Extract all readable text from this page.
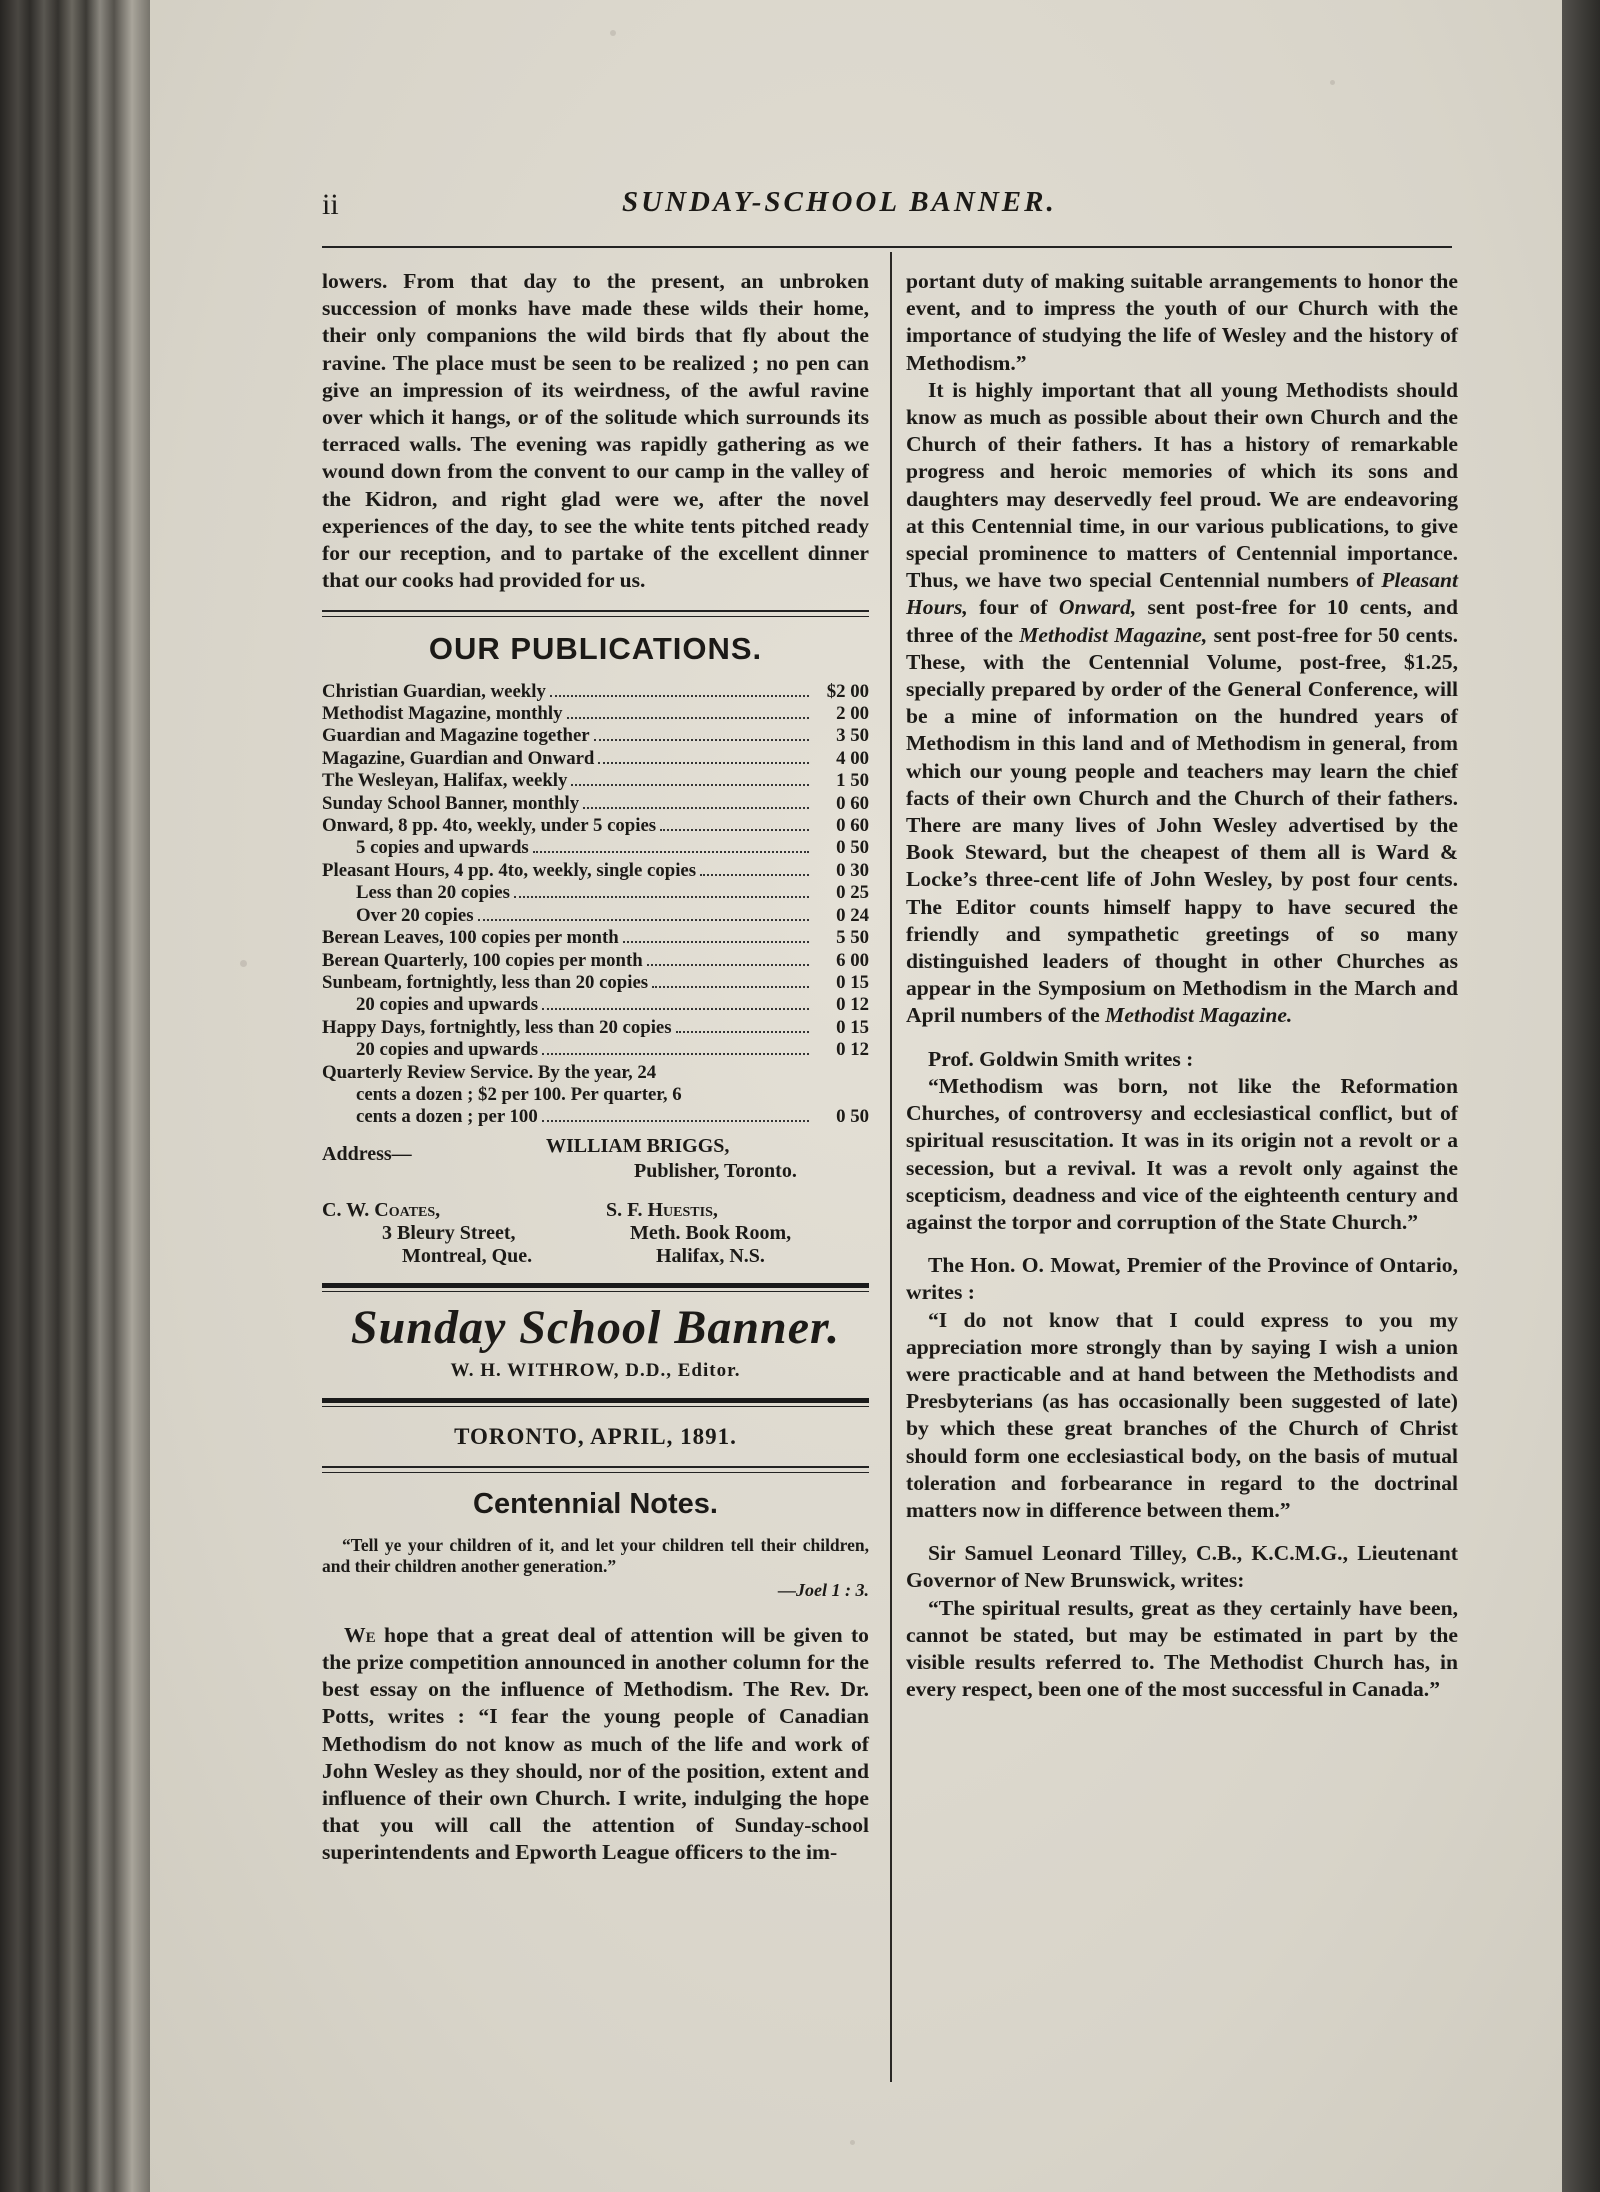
ii	SUNDAY-SCHOOL BANNER.

lowers. From that day to the present, an unbroken succession of monks have made these wilds their home, their only companions the wild birds that fly about the ravine. The place must be seen to be realized ; no pen can give an impression of its weirdness, of the awful ravine over which it hangs, or of the solitude which surrounds its terraced walls. The evening was rapidly gathering as we wound down from the convent to our camp in the valley of the Kidron, and right glad were we, after the novel experiences of the day, to see the white tents pitched ready for our reception, and to partake of the excellent dinner that our cooks had provided for us.

OUR PUBLICATIONS.
Christian Guardian, weekly	$2 00
Methodist Magazine, monthly	2 00
Guardian and Magazine together	3 50
Magazine, Guardian and Onward	4 00
The Wesleyan, Halifax, weekly	1 50
Sunday School Banner, monthly	0 60
Onward, 8 pp. 4to, weekly, under 5 copies	0 60
5 copies and upwards	0 50
Pleasant Hours, 4 pp. 4to, weekly, single copies	0 30
Less than 20 copies	0 25
Over 20 copies	0 24
Berean Leaves, 100 copies per month	5 50
Berean Quarterly, 100 copies per month	6 00
Sunbeam, fortnightly, less than 20 copies	0 15
20 copies and upwards	0 12
Happy Days, fortnightly, less than 20 copies	0 15
20 copies and upwards	0 12
Quarterly Review Service. By the year, 24
cents a dozen ; $2 per 100. Per quarter, 6
cents a dozen ; per 100	0 50
Address—	WILLIAM BRIGGS,
Publisher, Toronto.
C. W. Coates,
3 Bleury Street,
Montreal, Que.
S. F. Huestis,
Meth. Book Room,
Halifax, N.S.
Sunday School Banner.
W. H. WITHROW, D.D., Editor.
TORONTO, APRIL, 1891.
Centennial Notes.

“Tell ye your children of it, and let your children tell their children, and their children another generation.”

—Joel 1 : 3.

We hope that a great deal of attention will be given to the prize competition announced in another column for the best essay on the influence of Methodism. The Rev. Dr. Potts, writes : “I fear the young people of Canadian Methodism do not know as much of the life and work of John Wesley as they should, nor of the position, extent and influence of their own Church. I write, indulging the hope that you will call the attention of Sunday-school superintendents and Epworth League officers to the im-

portant duty of making suitable arrangements to honor the event, and to impress the youth of our Church with the importance of studying the life of Wesley and the history of Methodism.”

It is highly important that all young Methodists should know as much as possible about their own Church and the Church of their fathers. It has a history of remarkable progress and heroic memories of which its sons and daughters may deservedly feel proud. We are endeavoring at this Centennial time, in our various publications, to give special prominence to matters of Centennial importance. Thus, we have two special Centennial numbers of Pleasant Hours, four of Onward, sent post-free for 10 cents, and three of the Methodist Magazine, sent post-free for 50 cents. These, with the Centennial Volume, post-free, $1.25, specially prepared by order of the General Conference, will be a mine of information on the hundred years of Methodism in this land and of Methodism in general, from which our young people and teachers may learn the chief facts of their own Church and the Church of their fathers. There are many lives of John Wesley advertised by the Book Steward, but the cheapest of them all is Ward & Locke’s three-cent life of John Wesley, by post four cents. The Editor counts himself happy to have secured the friendly and sympathetic greetings of so many distinguished leaders of thought in other Churches as appear in the Symposium on Methodism in the March and April numbers of the Methodist Magazine.

Prof. Goldwin Smith writes :

“Methodism was born, not like the Reformation Churches, of controversy and ecclesiastical conflict, but of spiritual resuscitation. It was in its origin not a revolt or a secession, but a revival. It was a revolt only against the scepticism, deadness and vice of the eighteenth century and against the torpor and corruption of the State Church.”

The Hon. O. Mowat, Premier of the Province of Ontario, writes :

“I do not know that I could express to you my appreciation more strongly than by saying I wish a union were practicable and at hand between the Methodists and Presbyterians (as has occasionally been suggested of late) by which these great branches of the Church of Christ should form one ecclesiastical body, on the basis of mutual toleration and forbearance in regard to the doctrinal matters now in difference between them.”

Sir Samuel Leonard Tilley, C.B., K.C.M.G., Lieutenant Governor of New Brunswick, writes:

“The spiritual results, great as they certainly have been, cannot be stated, but may be estimated in part by the visible results referred to. The Methodist Church has, in every respect, been one of the most successful in Canada.”
